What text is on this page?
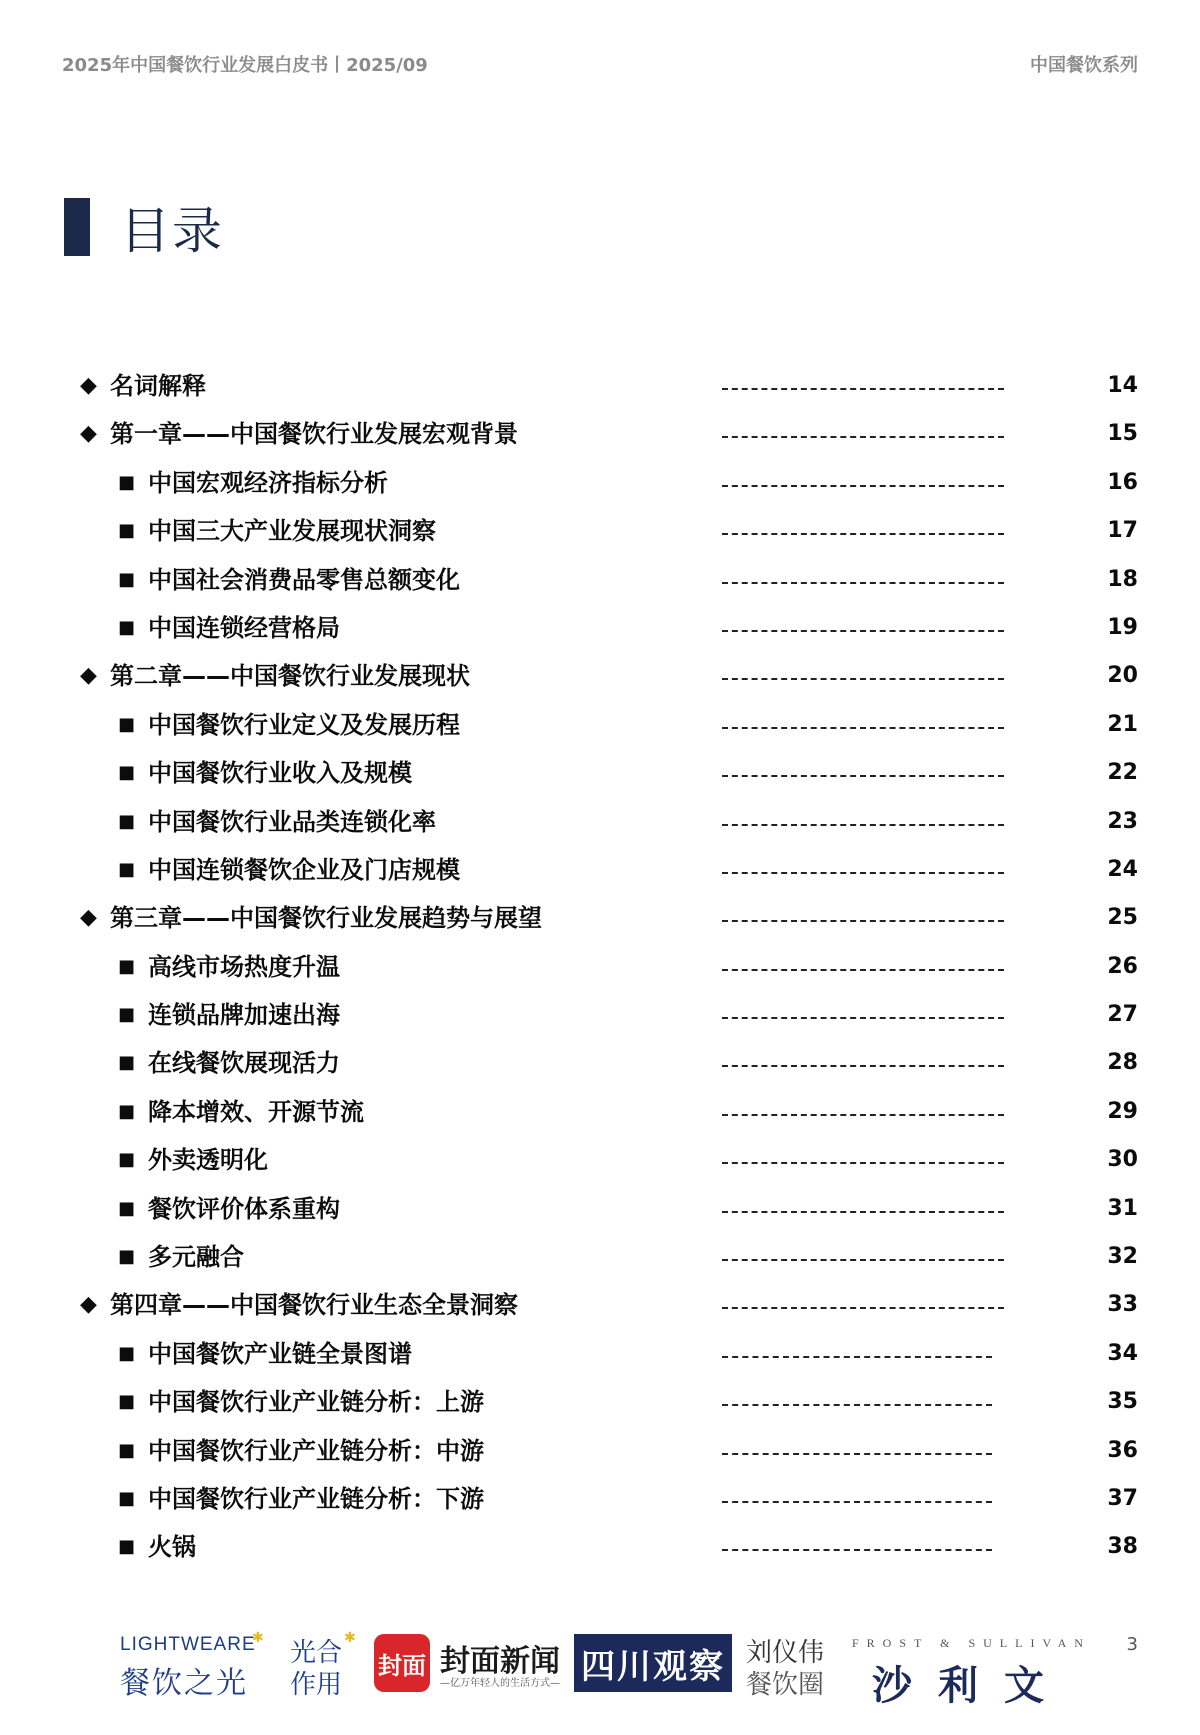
2025年中国餐饮行业发展白皮书丨2025/09	中国餐饮系列
目录
◆ 名词解释	14
◆ 第一章——中国餐饮行业发展宏观背景	15
■ 中国宏观经济指标分析	16
■ 中国三大产业发展现状洞察	17
■ 中国社会消费品零售总额变化	18
■ 中国连锁经营格局	19
◆ 第二章——中国餐饮行业发展现状	20
■ 中国餐饮行业定义及发展历程	21
■ 中国餐饮行业收入及规模	22
■ 中国餐饮行业品类连锁化率	23
■ 中国连锁餐饮企业及门店规模	24
◆ 第三章——中国餐饮行业发展趋势与展望	25
■ 高线市场热度升温	26
■ 连锁品牌加速出海	27
■ 在线餐饮展现活力	28
■ 降本增效、开源节流	29
■ 外卖透明化	30
■ 餐饮评价体系重构	31
■ 多元融合	32
◆ 第四章——中国餐饮行业生态全景洞察	33
■ 中国餐饮产业链全景图谱	34
■ 中国餐饮行业产业链分析：上游	35
■ 中国餐饮行业产业链分析：中游	36
■ 中国餐饮行业产业链分析：下游	37
■ 火锅	38
LIGHTWEARE
✱
餐饮之光
光合 ✱
作用
封面 封面新闻
—亿万年轻人的生活方式— 四川观察 刘仪伟
餐饮圈
FROST & SULLIVAN
沙利文
3
